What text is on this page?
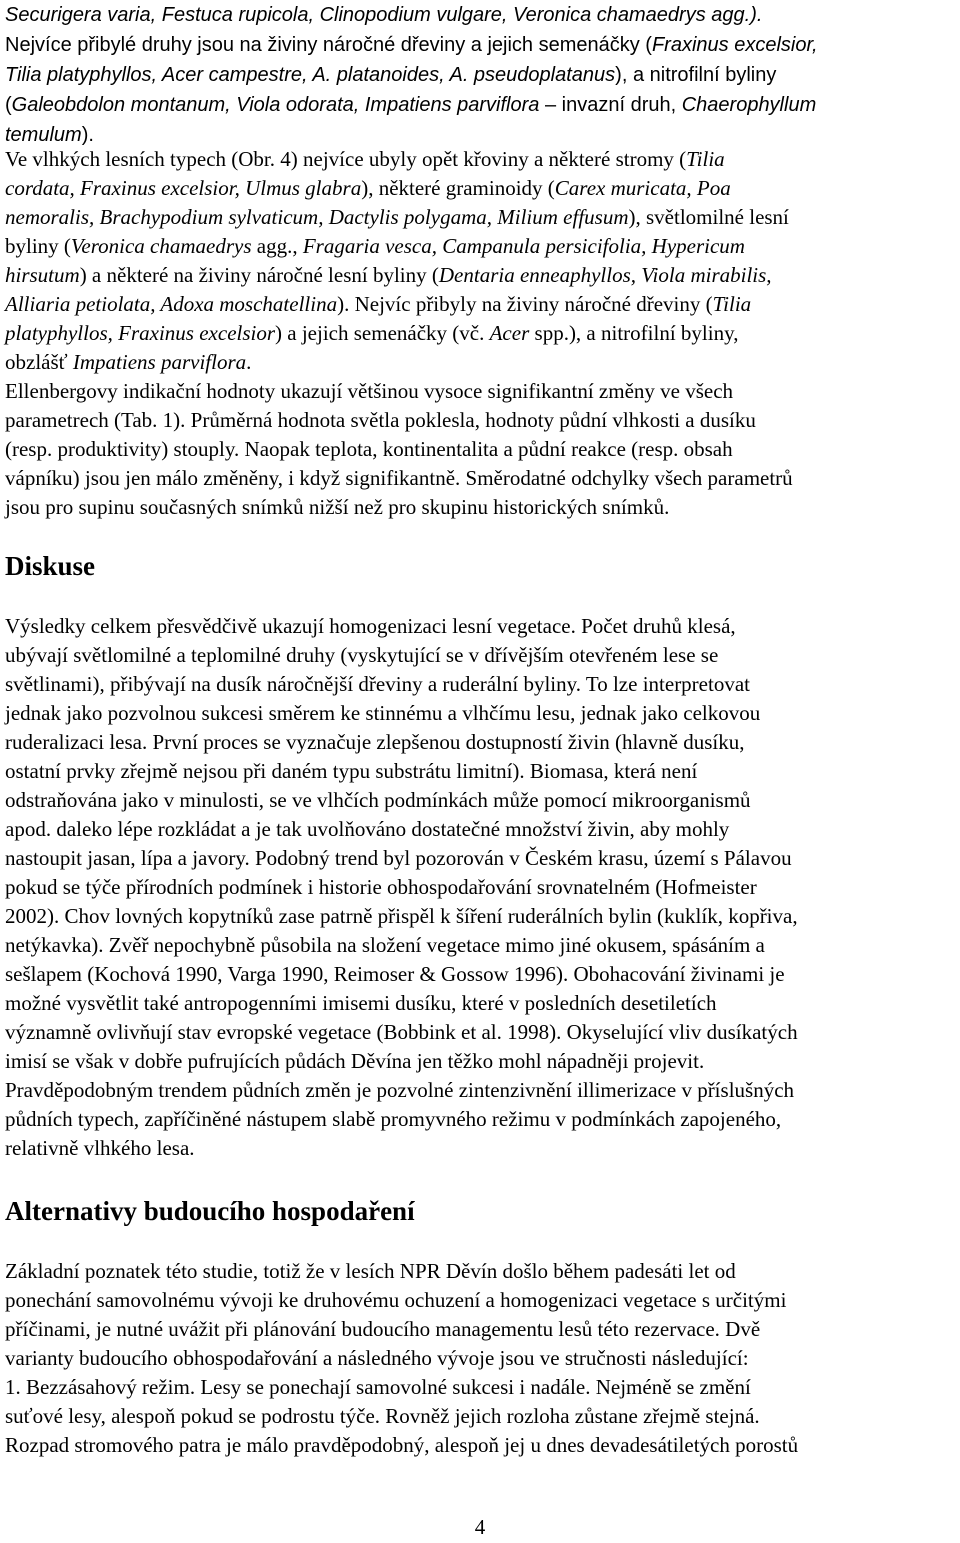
Securigera varia, Festuca rupicola, Clinopodium vulgare, Veronica chamaedrys agg.).
Nejvíce přibylé druhy jsou na živiny náročné dřeviny a jejich semenáčky (Fraxinus excelsior,
Tilia platyphyllos, Acer campestre, A. platanoides, A. pseudoplatanus), a nitrofilní byliny
(Galeobdolon montanum, Viola odorata, Impatiens parviflora – invazní druh, Chaerophyllum
temulum).
Ve vlhkých lesních typech (Obr. 4) nejvíce ubyly opět křoviny a některé stromy (Tilia
cordata, Fraxinus excelsior, Ulmus glabra), některé graminoidy (Carex muricata, Poa
nemoralis, Brachypodium sylvaticum, Dactylis polygama, Milium effusum), světlomilné lesní
byliny (Veronica chamaedrys agg., Fragaria vesca, Campanula persicifolia, Hypericum
hirsutum) a některé na živiny náročné lesní byliny (Dentaria enneaphyllos, Viola mirabilis,
Alliaria petiolata, Adoxa moschatellina). Nejvíc přibyly na živiny náročné dřeviny (Tilia
platyphyllos, Fraxinus excelsior) a jejich semenáčky (vč. Acer spp.), a nitrofilní byliny,
obzlášť Impatiens parviflora.
Ellenbergovy indikační hodnoty ukazují většinou vysoce signifikantní změny ve všech
parametrech (Tab. 1). Průměrná hodnota světla poklesla, hodnoty půdní vlhkosti a dusíku
(resp. produktivity) stouply. Naopak teplota, kontinentalita a půdní reakce (resp. obsah
vápníku) jsou jen málo změněny, i když signifikantně. Směrodatné odchylky všech parametrů
jsou pro supinu současných snímků nižší než pro skupinu historických snímků.
Diskuse
Výsledky celkem přesvědčivě ukazují homogenizaci lesní vegetace. Počet druhů klesá,
ubývají světlomilné a teplomilné druhy (vyskytující se v dřívějším otevřeném lese se
světlinami), přibývají na dusík náročnější dřeviny a ruderální byliny. To lze interpretovat
jednak jako pozvolnou sukcesi směrem ke stinnému a vlhčímu lesu, jednak jako celkovou
ruderalizaci lesa. První proces se vyznačuje zlepšenou dostupností živin (hlavně dusíku,
ostatní prvky zřejmě nejsou při daném typu substrátu limitní). Biomasa, která není
odstraňována jako v minulosti, se ve vlhčích podmínkách může pomocí mikroorganismů
apod. daleko lépe rozkládat a je tak uvolňováno dostatečné množství živin, aby mohly
nastoupit jasan, lípa a javory. Podobný trend byl pozorován v Českém krasu, území s Pálavou
pokud se týče přírodních podmínek i historie obhospodařování srovnatelném (Hofmeister
2002). Chov lovných kopytníků zase patrně přispěl k šíření ruderálních bylin (kuklík, kopřiva,
netýkavka). Zvěř nepochybně působila na složení vegetace mimo jiné okusem, spásáním a
sešlapem (Kochová 1990, Varga 1990, Reimoser & Gossow 1996). Obohacování živinami je
možné vysvětlit také antropogenními imisemi dusíku, které v posledních desetiletích
významně ovlivňují stav evropské vegetace (Bobbink et al. 1998). Okyselující vliv dusíkatých
imisí se však v dobře pufrujících půdách Děvína jen těžko mohl nápadněji projevit.
Pravděpodobným trendem půdních změn je pozvolné zintenzivnění illimerizace v příslušných
půdních typech, zapříčiněné nástupem slabě promyvného režimu v podmínkách zapojeného,
relativně vlhkého lesa.
Alternativy budoucího hospodaření
Základní poznatek této studie, totiž že v lesích NPR Děvín došlo během padesáti let od
ponechání samovolnému vývoji ke druhovému ochuzení a homogenizaci vegetace s určitými
příčinami, je nutné uvážit při plánování budoucího managementu lesů této rezervace. Dvě
varianty budoucího obhospodařování a následného vývoje jsou ve stručnosti následující:
1. Bezzásahový režim. Lesy se ponechají samovolné sukcesi i nadále. Nejméně se změní
suťové lesy, alespoň pokud se podrostu týče. Rovněž jejich rozloha zůstane zřejmě stejná.
Rozpad stromového patra je málo pravděpodobný, alespoň jej u dnes devadesátiletých porostů
4
